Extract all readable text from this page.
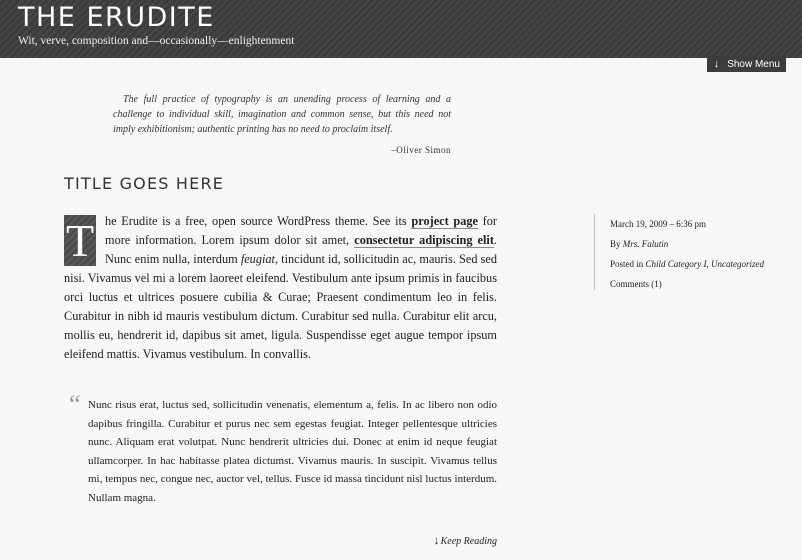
THE ERUDITE
Wit, verve, composition and—occasionally—enlightenment
↓ Show Menu

The full practice of typography is an unending process of learning and a challenge to individual skill, imagination and common sense, but this need not imply exhibitionism; authentic printing has no need to proclaim itself.

–Oliver Simon
TITLE GOES HERE

T he Erudite is a free, open source WordPress theme. See its project page for more information. Lorem ipsum dolor sit amet, consectetur adipiscing elit. Nunc enim nulla, interdum feugiat, tincidunt id, sollicitudin ac, mauris. Sed sed nisi. Vivamus vel mi a lorem laoreet eleifend. Vestibulum ante ipsum primis in faucibus orci luctus et ultrices posuere cubilia & Curae; Praesent condimentum leo in felis. Curabitur in nibh id mauris vestibulum dictum. Curabitur sed nulla. Curabitur elit arcu, mollis eu, hendrerit id, dapibus sit amet, ligula. Suspendisse eget augue tempor ipsum eleifend mattis. Vivamus vestibulum. In convallis.

“ Nunc risus erat, luctus sed, sollicitudin venenatis, elementum a, felis. In ac libero non odio dapibus fringilla. Curabitur et purus nec sem egestas feugiat. Integer pellentesque ultricies nunc. Aliquam erat volutpat. Nunc hendrerit ultricies dui. Donec at enim id neque feugiat ullamcorper. In hac habitasse platea dictumst. Vivamus mauris. In suscipit. Vivamus tellus mi, tempus nec, congue nec, auctor vel, tellus. Fusce id massa tincidunt nisl luctus interdum. Nullam magna.
↓Keep Reading
March 19, 2009 – 6:36 pm
By Mrs. Falutin
Posted in Child Category I, Uncategorized
Comments (1)
